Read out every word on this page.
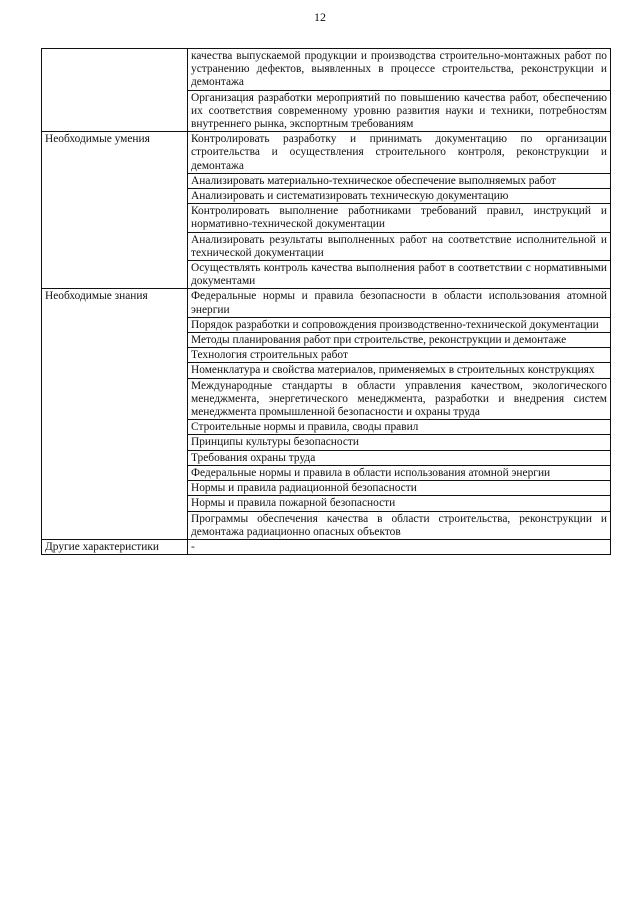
12
	качества выпускаемой продукции и производства строительно-монтажных работ по устранению дефектов, выявленных в процессе строительства, реконструкции и демонтажа
	Организация разработки мероприятий по повышению качества работ, обеспечению их соответствия современному уровню развития науки и техники, потребностям внутреннего рынка, экспортным требованиям
Необходимые умения	Контролировать разработку и принимать документацию по организации строительства и осуществления строительного контроля, реконструкции и демонтажа
	Анализировать материально-техническое обеспечение выполняемых работ
	Анализировать и систематизировать техническую документацию
	Контролировать выполнение работниками требований правил, инструкций и нормативно-технической документации
	Анализировать результаты выполненных работ на соответствие исполнительной и технической документации
	Осуществлять контроль качества выполнения работ в соответствии с нормативными документами
Необходимые знания	Федеральные нормы и правила безопасности в области использования атомной энергии
	Порядок разработки и сопровождения производственно-технической документации
	Методы планирования работ при строительстве, реконструкции и демонтаже
	Технология строительных работ
	Номенклатура и свойства материалов, применяемых в строительных конструкциях
	Международные стандарты в области управления качеством, экологического менеджмента, энергетического менеджмента, разработки и внедрения систем менеджмента промышленной безопасности и охраны труда
	Строительные нормы и правила, своды правил
	Принципы культуры безопасности
	Требования охраны труда
	Федеральные нормы и правила в области использования атомной энергии
	Нормы и правила радиационной безопасности
	Нормы и правила пожарной безопасности
	Программы обеспечения качества в области строительства, реконструкции и демонтажа радиационно опасных объектов
Другие характеристики	-
